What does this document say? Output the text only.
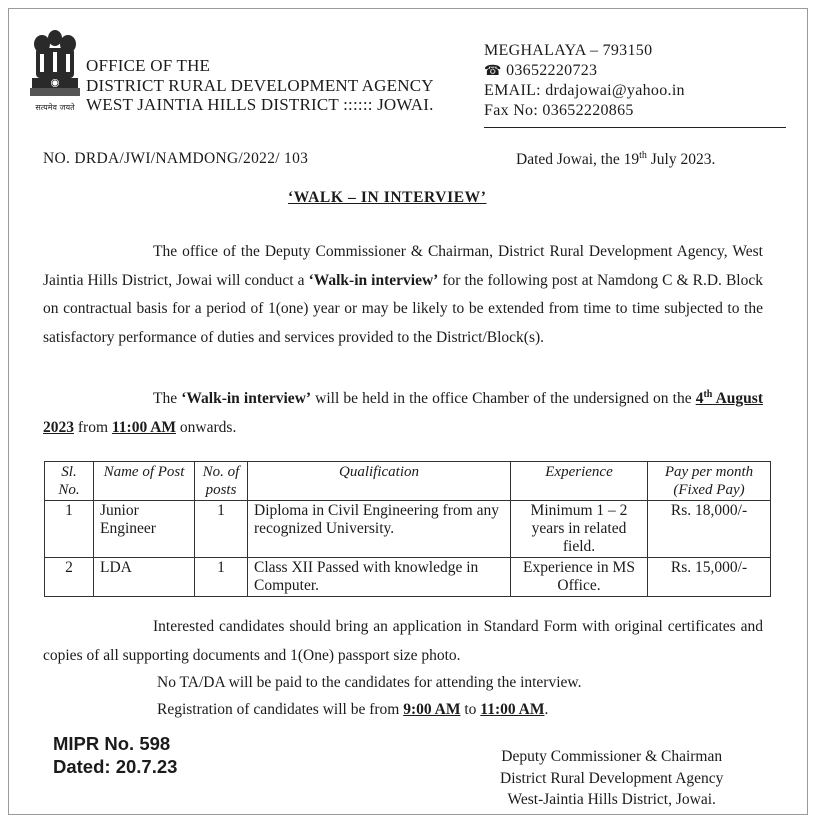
सत्यमेव जयते
OFFICE OF THE
DISTRICT RURAL DEVELOPMENT AGENCY
WEST JAINTIA HILLS DISTRICT :::::: JOWAI.
MEGHALAYA – 793150
☎ 03652220723
EMAIL: drdajowai@yahoo.in
Fax No: 03652220865
NO. DRDA/JWI/NAMDONG/2022/ 103	Dated Jowai, the 19th July 2023.
‘WALK – IN INTERVIEW’
The office of the Deputy Commissioner & Chairman, District Rural Development Agency, West Jaintia Hills District, Jowai will conduct a ‘Walk-in interview’ for the following post at Namdong C & R.D. Block on contractual basis for a period of 1(one) year or may be likely to be extended from time to time subjected to the satisfactory performance of duties and services provided to the District/Block(s).
The ‘Walk-in interview’ will be held in the office Chamber of the undersigned on the 4th August 2023 from 11:00 AM onwards.
Sl. No.	Name of Post	No. of posts	Qualification	Experience	Pay per month (Fixed Pay)
1	Junior Engineer	1	Diploma in Civil Engineering from any recognized University.	Minimum 1 – 2 years in related field.	Rs. 18,000/-
2	LDA	1	Class XII Passed with knowledge in Computer.	Experience in MS Office.	Rs. 15,000/-
Interested candidates should bring an application in Standard Form with original certificates and copies of all supporting documents and 1(One) passport size photo.
No TA/DA will be paid to the candidates for attending the interview.
Registration of candidates will be from 9:00 AM to 11:00 AM.
MIPR No. 598
Dated: 20.7.23	Deputy Commissioner & Chairman
District Rural Development Agency
West-Jaintia Hills District, Jowai.
